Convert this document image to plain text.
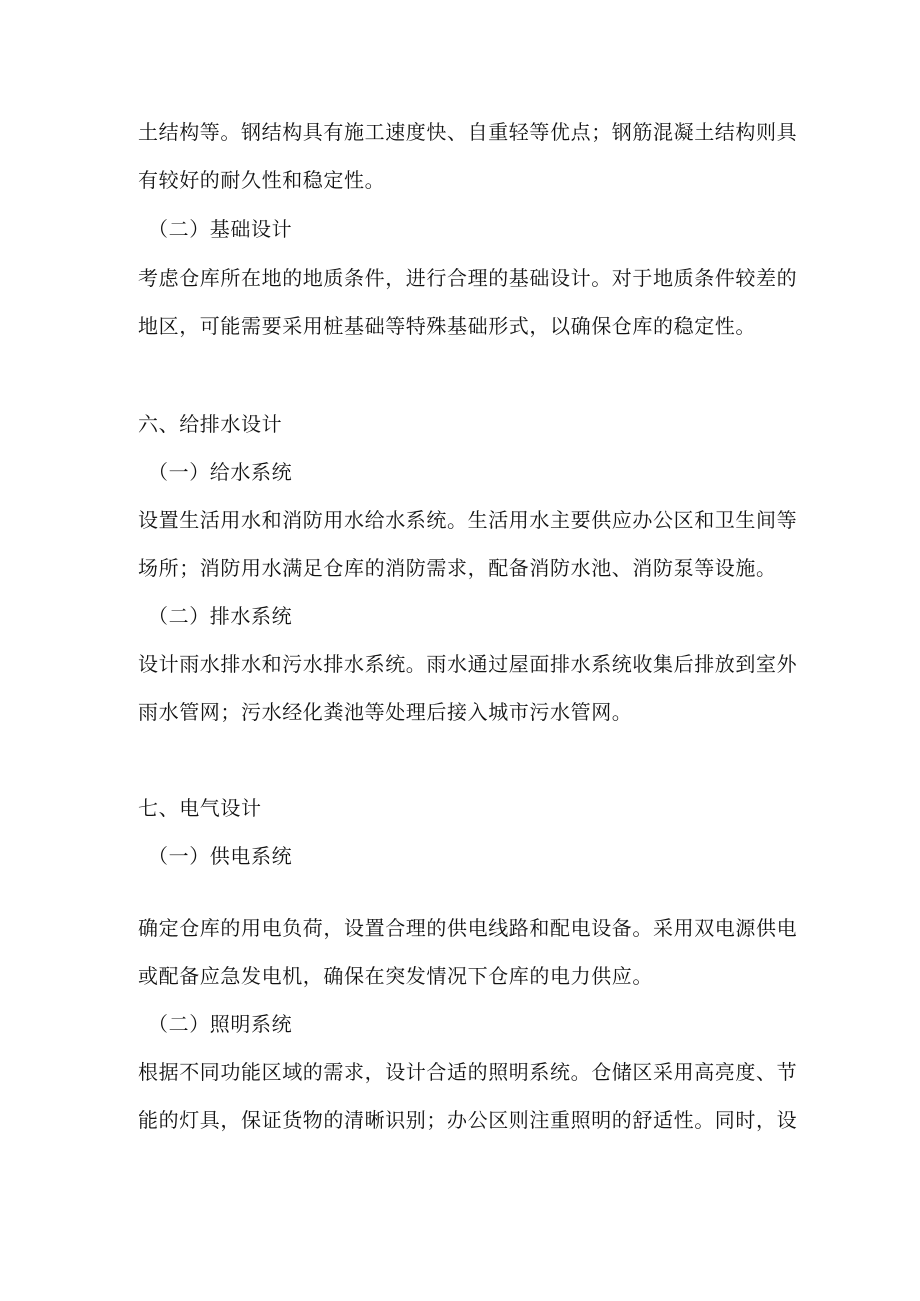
土结构等。钢结构具有施工速度快、自重轻等优点；钢筋混凝土结构则具
有较好的耐久性和稳定性。
（二）基础设计
考虑仓库所在地的地质条件，进行合理的基础设计。对于地质条件较差的
地区，可能需要采用桩基础等特殊基础形式，以确保仓库的稳定性。
六、给排水设计
（一）给水系统
设置生活用水和消防用水给水系统。生活用水主要供应办公区和卫生间等
场所；消防用水满足仓库的消防需求，配备消防水池、消防泵等设施。
（二）排水系统
设计雨水排水和污水排水系统。雨水通过屋面排水系统收集后排放到室外
雨水管网；污水经化粪池等处理后接入城市污水管网。
七、电气设计
（一）供电系统
确定仓库的用电负荷，设置合理的供电线路和配电设备。采用双电源供电
或配备应急发电机，确保在突发情况下仓库的电力供应。
（二）照明系统
根据不同功能区域的需求，设计合适的照明系统。仓储区采用高亮度、节
能的灯具，保证货物的清晰识别；办公区则注重照明的舒适性。同时，设
